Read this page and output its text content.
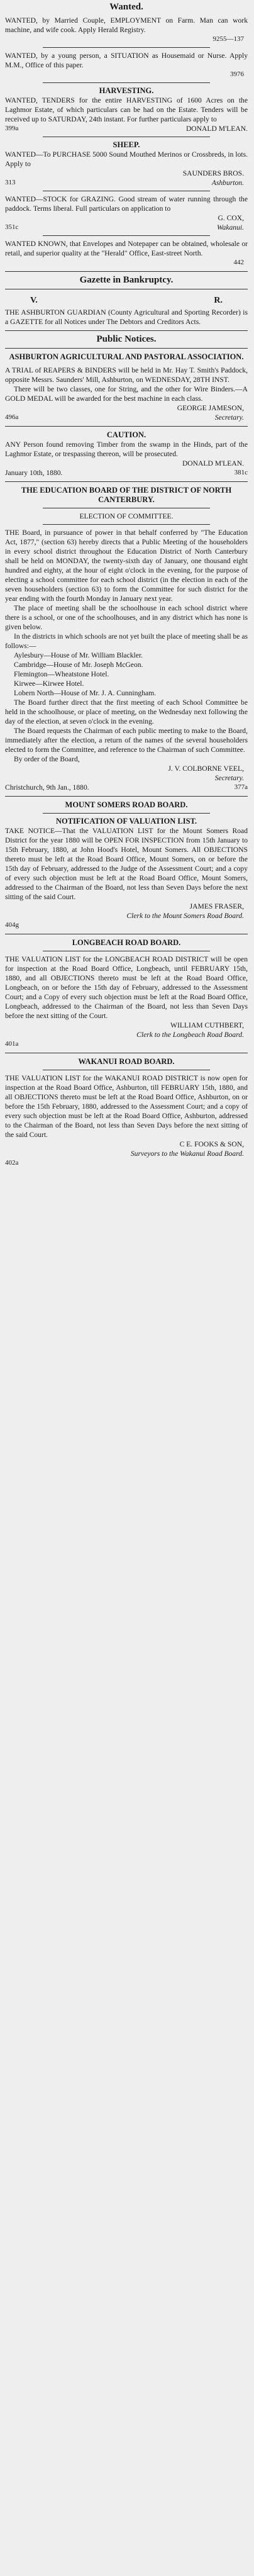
Wanted.

WANTED, by Married Couple, EMPLOYMENT on Farm. Man can work machine, and wife cook. Apply Herald Registry.

9255—137

WANTED, by a young person, a SITUATION as Housemaid or Nurse. Apply M.M., Office of this paper.

3976
HARVESTING.

WANTED, TENDERS for the entire HARVESTING of 1600 Acres on the Laghmor Estate, of which particulars can be had on the Estate. Tenders will be received up to SATURDAY, 24th instant. For further particulars apply to

399a	DONALD M'LEAN.
SHEEP.

WANTED—To PURCHASE 5000 Sound Mouthed Merinos or Crossbreds, in lots. Apply to

SAUNDERS BROS.
313	Ashburton.

WANTED—STOCK for GRAZING. Good stream of water running through the paddock. Terms liberal. Full particulars on application to

G. COX,
351c	Wakanui.

WANTED KNOWN, that Envelopes and Notepaper can be obtained, wholesale or retail, and superior quality at the "Herald" Office, East-street North.

442
Gazette in Bankruptcy.
V.	R.

THE ASHBURTON GUARDIAN (County Agricultural and Sporting Recorder) is a GAZETTE for all Notices under The Debtors and Creditors Acts.

Public Notices.
ASHBURTON AGRICULTURAL AND PASTORAL ASSOCIATION.

A TRIAL of REAPERS & BINDERS will be held in Mr. Hay T. Smith's Paddock, opposite Messrs. Saunders' Mill, Ashburton, on WEDNESDAY, 28TH INST.

There will be two classes, one for String, and the other for Wire Binders.—A GOLD MEDAL will be awarded for the best machine in each class.

GEORGE JAMESON,
496a	Secretary.
CAUTION.

ANY Person found removing Timber from the swamp in the Hinds, part of the Laghmor Estate, or trespassing thereon, will be prosecuted.

DONALD M'LEAN.
January 10th, 1880.	381c
THE EDUCATION BOARD OF THE DISTRICT OF NORTH CANTERBURY.
ELECTION OF COMMITTEE.

THE Board, in pursuance of power in that behalf conferred by "The Education Act, 1877," (section 63) hereby directs that a Public Meeting of the householders in every school district throughout the Education District of North Canterbury shall be held on MONDAY, the twenty-sixth day of January, one thousand eight hundred and eighty, at the hour of eight o'clock in the evening, for the purpose of electing a school committee for each school district (in the election in each of the seven householders (section 63) to form the Committee for such district for the year ending with the fourth Monday in January next year.

The place of meeting shall be the schoolhouse in each school district where there is a school, or one of the schoolhouses, and in any district which has none is given below.

In the districts in which schools are not yet built the place of meeting shall be as follows:—

Aylesbury—House of Mr. William Blackler.

Cambridge—House of Mr. Joseph McGeon.

Flemington—Wheatstone Hotel.

Kirwee—Kirwee Hotel.

Lobern North—House of Mr. J. A. Cunningham.

The Board further direct that the first meeting of each School Committee be held in the schoolhouse, or place of meeting, on the Wednesday next following the day of the election, at seven o'clock in the evening.

The Board requests the Chairman of each public meeting to make to the Board, immediately after the election, a return of the names of the several householders elected to form the Committee, and reference to the Chairman of such Committee.

By order of the Board,

J. V. COLBORNE VEEL,
Secretary.
Christchurch, 9th Jan., 1880.	377a
MOUNT SOMERS ROAD BOARD.
NOTIFICATION OF VALUATION LIST.

TAKE NOTICE—That the VALUATION LIST for the Mount Somers Road District for the year 1880 will be OPEN FOR INSPECTION from 15th January to 15th February, 1880, at John Hood's Hotel, Mount Somers. All OBJECTIONS thereto must be left at the Road Board Office, Mount Somers, on or before the 15th day of February, addressed to the Judge of the Assessment Court; and a copy of every such objection must be left at the Road Board Office, Mount Somers, addressed to the Chairman of the Board, not less than Seven Days before the next sitting of the said Court.

JAMES FRASER,
Clerk to the Mount Somers Road Board.
404g
LONGBEACH ROAD BOARD.

THE VALUATION LIST for the LONGBEACH ROAD DISTRICT will be open for inspection at the Road Board Office, Longbeach, until FEBRUARY 15th, 1880, and all OBJECTIONS thereto must be left at the Road Board Office, Longbeach, on or before the 15th day of February, addressed to the Assessment Court; and a Copy of every such objection must be left at the Road Board Office, Longbeach, addressed to the Chairman of the Board, not less than Seven Days before the next sitting of the Court.

WILLIAM CUTHBERT,
Clerk to the Longbeach Road Board.
401a
WAKANUI ROAD BOARD.

THE VALUATION LIST for the WAKANUI ROAD DISTRICT is now open for inspection at the Road Board Office, Ashburton, till FEBRUARY 15th, 1880, and all OBJECTIONS thereto must be left at the Road Board Office, Ashburton, on or before the 15th February, 1880, addressed to the Assessment Court; and a copy of every such objection must be left at the Road Board Office, Ashburton, addressed to the Chairman of the Board, not less than Seven Days before the next sitting of the said Court.

C E. FOOKS & SON,
Surveyors to the Wakanui Road Board.
402a
